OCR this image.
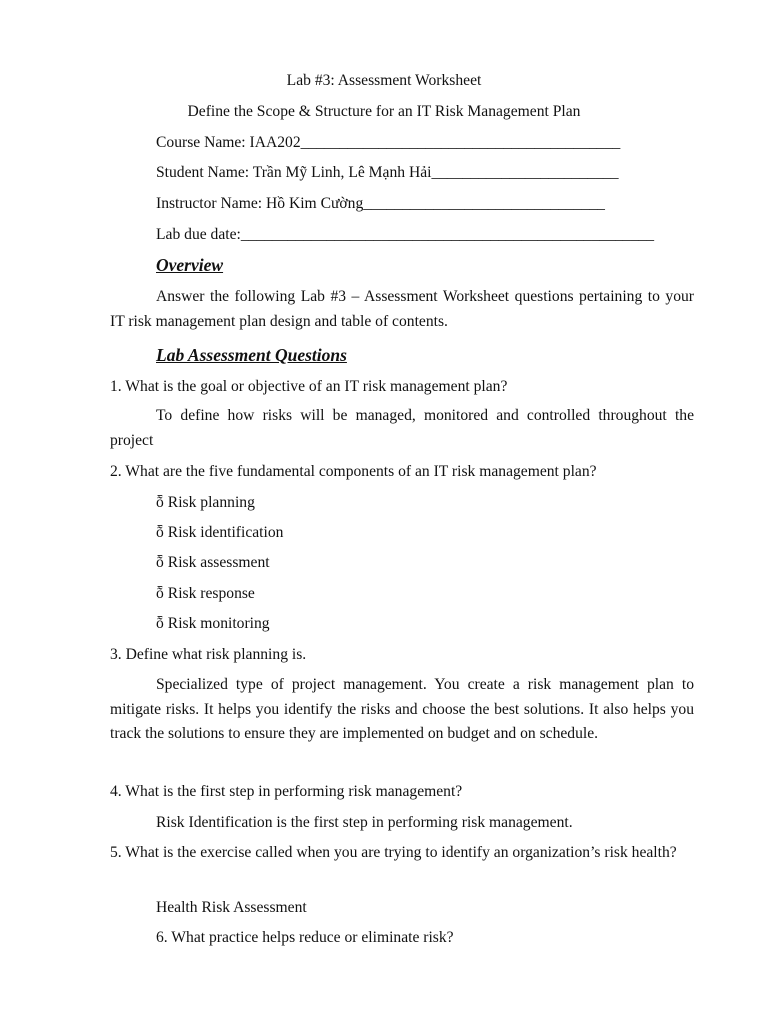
Lab #3: Assessment Worksheet
Define the Scope & Structure for an IT Risk Management Plan
Course Name: IAA202_________________________________________
Student Name: Trần Mỹ Linh, Lê Mạnh Hải________________________
Instructor Name: Hồ Kim Cường_______________________________
Lab due date:_____________________________________________________
Overview
Answer the following Lab #3 – Assessment Worksheet questions pertaining to your IT risk management plan design and table of contents.
Lab Assessment Questions
1. What is the goal or objective of an IT risk management plan?
To define how risks will be managed, monitored and controlled throughout the project
2. What are the five fundamental components of an IT risk management plan?
ȭ Risk planning
ȭ Risk identification
ȭ Risk assessment
ȭ Risk response
ȭ Risk monitoring
3. Define what risk planning is.
Specialized type of project management. You create a risk management plan to mitigate risks. It helps you identify the risks and choose the best solutions. It also helps you track the solutions to ensure they are implemented on budget and on schedule.
4. What is the first step in performing risk management?
Risk Identification is the first step in performing risk management.
5. What is the exercise called when you are trying to identify an organization’s risk health?
Health Risk Assessment
6. What practice helps reduce or eliminate risk?
